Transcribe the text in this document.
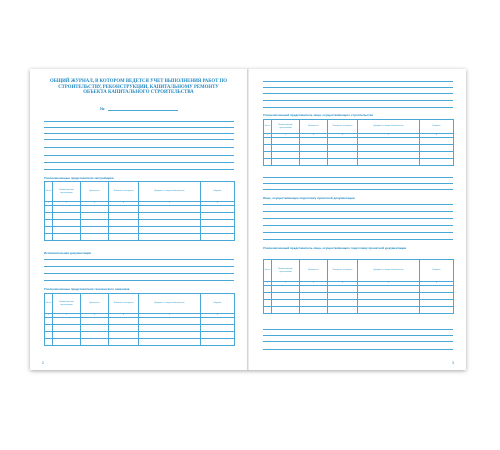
ОБЩИЙ ЖУРНАЛ, В КОТОРОМ ВЕДЕТСЯ УЧЕТ ВЫПОЛНЕНИЯ РАБОТ ПО СТРОИТЕЛЬСТВУ, РЕКОНСТРУКЦИИ, КАПИТАЛЬНОМУ РЕМОНТУ ОБЪЕКТА КАПИТАЛЬНОГО СТРОИТЕЛЬСТВА
№
Уполномоченные представители застройщика
№ п/п	Наименование организации	Должность	Фамилия, инициалы	Документ о представительстве	Подпись
1	2	3	4	5	6

Исполнительная документация
Уполномоченные представители технического заказчика
№ п/п	Наименование организации	Должность	Фамилия, инициалы	Документ о представительстве	Подпись
1	2	3	4	5	6

2
Уполномоченный представитель лица, осуществляющего строительство
№ п/п	Наименование организации	Должность	Фамилия, инициалы	Документ о представительстве	Подпись
1	2	3	4	5	6

Лицо, осуществляющее подготовку проектной документации
Уполномоченный представитель лица, осуществляющего подготовку проектной документации
№ п/п	Наименование организации	Должность	Фамилия, инициалы	Документ о представительстве	Подпись
1	2	3	4	5	6

3
